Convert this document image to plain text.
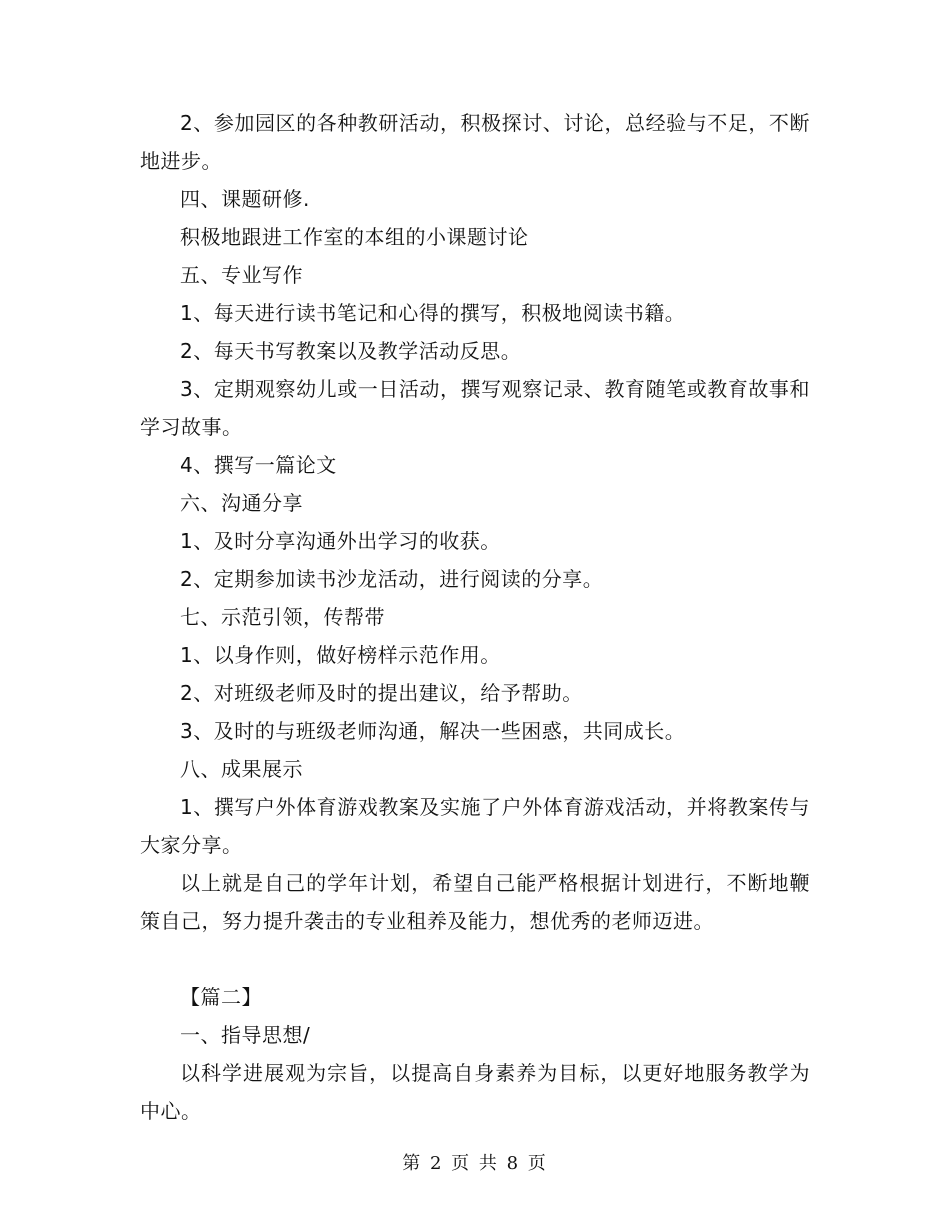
2、参加园区的各种教研活动，积极探讨、讨论，总经验与不足，不断地进步。

四、课题研修.

积极地跟进工作室的本组的小课题讨论

五、专业写作

1、每天进行读书笔记和心得的撰写，积极地阅读书籍。

2、每天书写教案以及教学活动反思。

3、定期观察幼儿或一日活动，撰写观察记录、教育随笔或教育故事和学习故事。

4、撰写一篇论文

六、沟通分享

1、及时分享沟通外出学习的收获。

2、定期参加读书沙龙活动，进行阅读的分享。

七、示范引领，传帮带

1、以身作则，做好榜样示范作用。

2、对班级老师及时的提出建议，给予帮助。

3、及时的与班级老师沟通，解决一些困惑，共同成长。

八、成果展示

1、撰写户外体育游戏教案及实施了户外体育游戏活动，并将教案传与大家分享。

以上就是自己的学年计划，希望自己能严格根据计划进行，不断地鞭策自己，努力提升袭击的专业租养及能力，想优秀的老师迈进。

【篇二】

一、指导思想/

以科学进展观为宗旨，以提高自身素养为目标，以更好地服务教学为中心。

第 2 页 共 8 页
